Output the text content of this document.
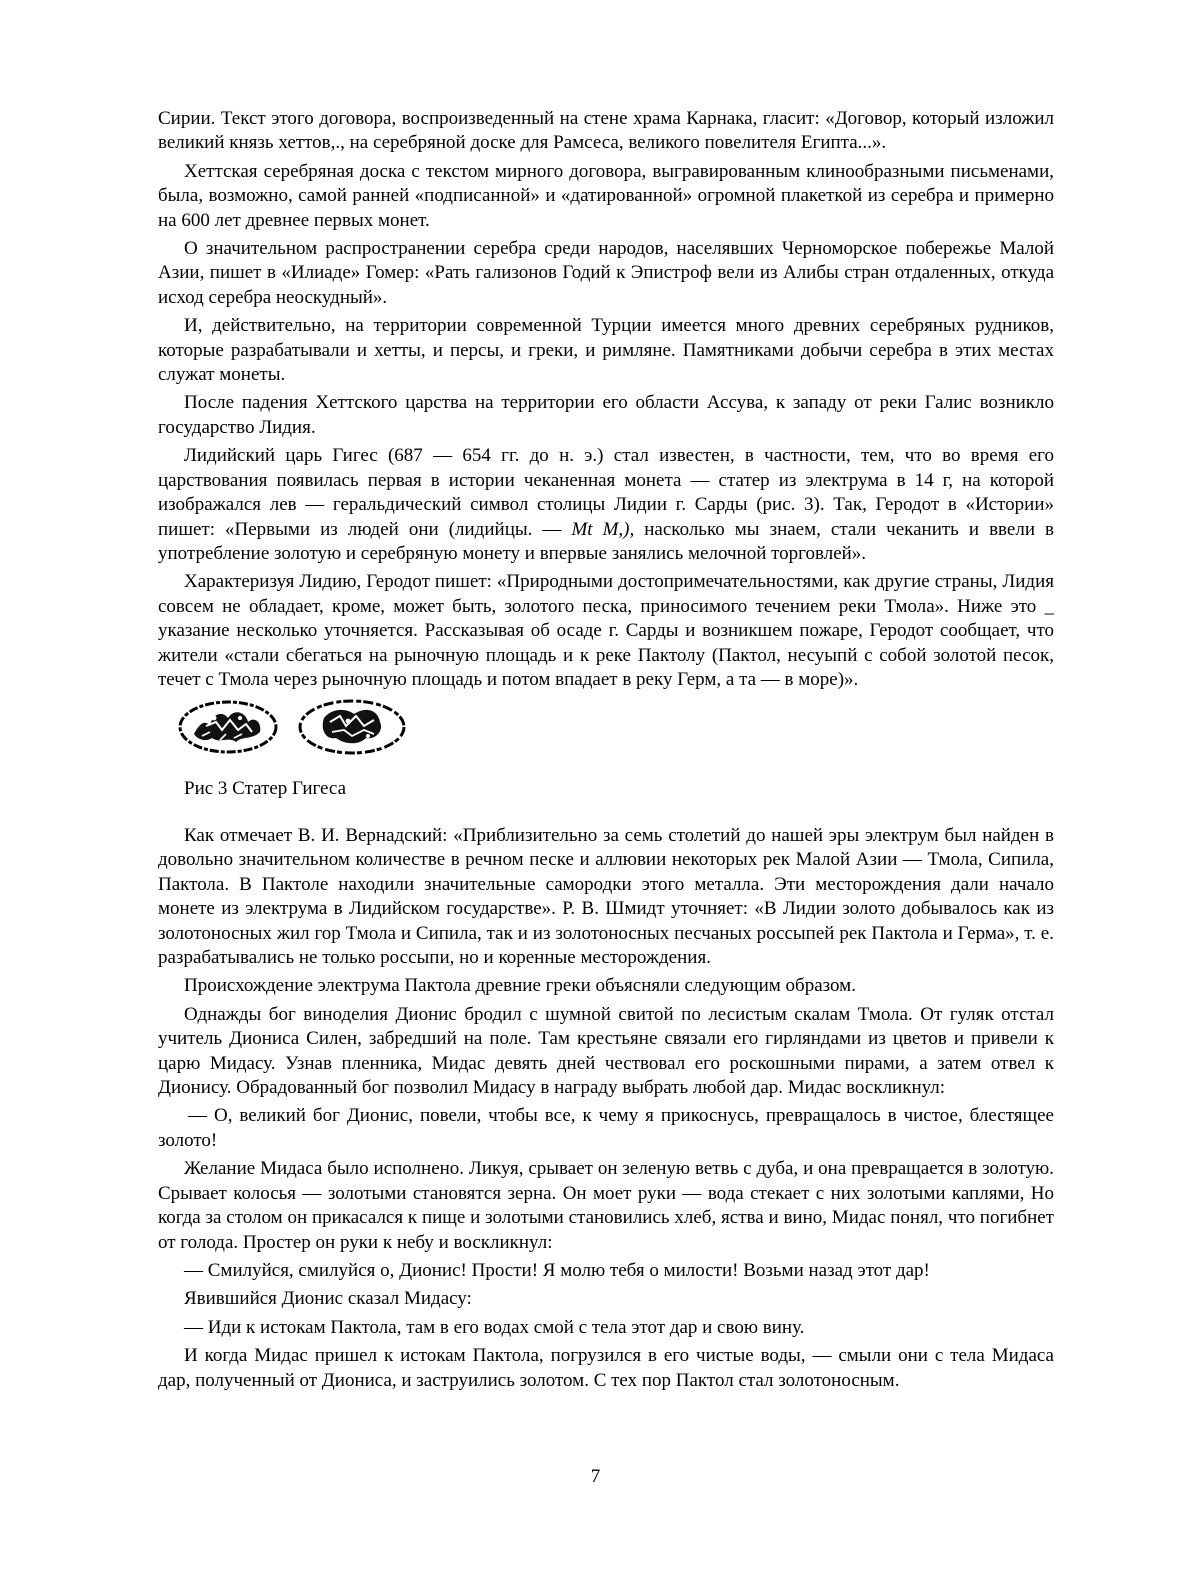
Сирии. Текст этого договора, воспроизведенный на стене храма Карнака, гласит: «Договор, который изложил великий князь хеттов,., на серебряной доске для Рамсеса, великого повелителя Египта...».

Хеттская серебряная доска с текстом мирного договора, выгравированным клинообразными письменами, была, возможно, самой ранней «подписанной» и «датированной» огромной плакеткой из серебра и примерно на 600 лет древнее первых монет.

О значительном распространении серебра среди народов, населявших Черноморское побережье Малой Азии, пишет в «Илиаде» Гомер: «Рать гализонов Годий к Эпистроф вели из Алибы стран отдаленных, откуда исход серебра неоскудный».

И, действительно, на территории современной Турции имеется много древних серебряных рудников, которые разрабатывали и хетты, и персы, и греки, и римляне. Памятниками добычи серебра в этих местах служат монеты.

После падения Хеттского царства на территории его области Ассува, к западу от реки Галис возникло государство Лидия.

Лидийский царь Гигес (687 — 654 гг. до н. э.) стал известен, в частности, тем, что во время его царствования появилась первая в истории чеканенная монета — статер из электрума в 14 г, на которой изображался лев — геральдический символ столицы Лидии г. Сарды (рис. 3). Так, Геродот в «Истории» пишет: «Первыми из людей они (лидийцы. — Mt M,), насколько мы знаем, стали чеканить и ввели в употребление золотую и серебряную монету и впервые занялись мелочной торговлей».

Характеризуя Лидию, Геродот пишет: «Природными достопримечательностями, как другие страны, Лидия совсем не обладает, кроме, может быть, золотого песка, приносимого течением реки Тмола». Ниже это _ указание несколько уточняется. Рассказывая об осаде г. Сарды и возникшем пожаре, Геродот сообщает, что жители «стали сбегаться на рыночную площадь и к реке Пактолу (Пактол, несуыпй с собой золотой песок, течет с Тмола через рыночную площадь и потом впадает в реку Герм, а та — в море)».

Рис 3 Статер Гигеса

Как отмечает В. И. Вернадский: «Приблизительно за семь столетий до нашей эры электрум был найден в довольно значительном количестве в речном песке и аллювии некоторых рек Малой Азии — Тмола, Сипила, Пактола. В Пактоле находили значительные самородки этого металла. Эти месторождения дали начало монете из электрума в Лидийском государстве». Р. В. Шмидт уточняет: «В Лидии золото добывалось как из золотоносных жил гор Тмола и Сипила, так и из золотоносных песчаных россыпей рек Пактола и Герма», т. е. разрабатывались не только россыпи, но и коренные месторождения.

Происхождение электрума Пактола древние греки объясняли следующим образом.

Однажды бог виноделия Дионис бродил с шумной свитой по лесистым скалам Тмола. От гуляк отстал учитель Диониса Силен, забредший на поле. Там крестьяне связали его гирляндами из цветов и привели к царю Мидасу. Узнав пленника, Мидас девять дней чествовал его роскошными пирами, а затем отвел к Дионису. Обрадованный бог позволил Мидасу в награду выбрать любой дар. Мидас воскликнул:

— О, великий бог Дионис, повели, чтобы все, к чему я прикоснусь, превращалось в чистое, блестящее золото!

Желание Мидаса было исполнено. Ликуя, срывает он зеленую ветвь с дуба, и она превращается в золотую. Срывает колосья — золотыми становятся зерна. Он моет руки — вода стекает с них золотыми каплями, Но когда за столом он прикасался к пище и золотыми становились хлеб, яства и вино, Мидас понял, что погибнет от голода. Простер он руки к небу и воскликнул:

— Смилуйся, смилуйся о, Дионис! Прости! Я молю тебя о милости! Возьми назад этот дар!

Явившийся Дионис сказал Мидасу:

— Иди к истокам Пактола, там в его водах смой с тела этот дар и свою вину.

И когда Мидас пришел к истокам Пактола, погрузился в его чистые воды, — смыли они с тела Мидаса дар, полученный от Диониса, и заструились золотом. С тех пор Пактол стал золотоносным.

7
